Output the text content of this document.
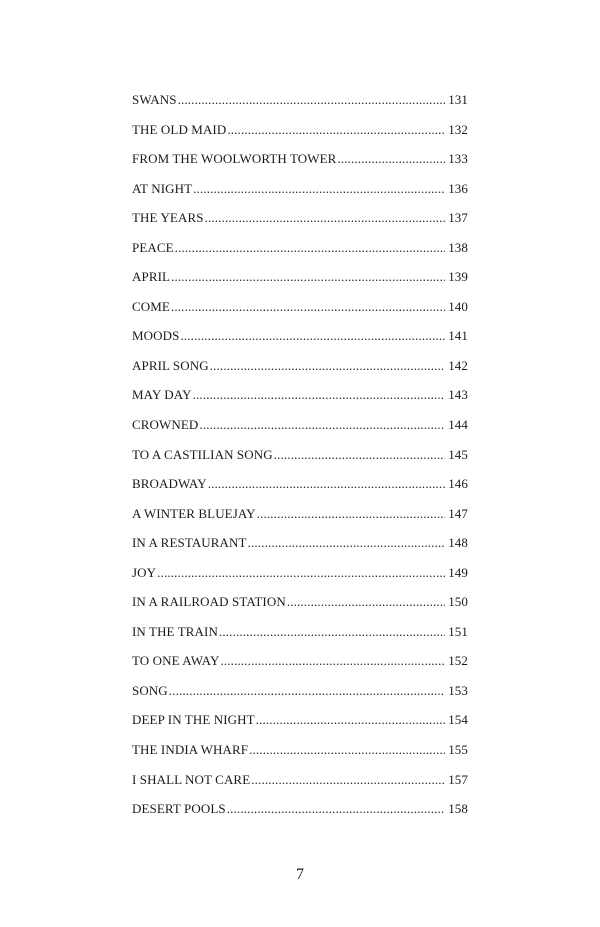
SWANS . . .	131
THE OLD MAID . . .	132
FROM THE WOOLWORTH TOWER . . .	133
AT NIGHT . . .	136
THE YEARS . . .	137
PEACE . . .	138
APRIL . . .	139
COME . . .	140
MOODS . . .	141
APRIL SONG . . .	142
MAY DAY . . .	143
CROWNED . . .	144
TO A CASTILIAN SONG . . .	145
BROADWAY . . .	146
A WINTER BLUEJAY . . .	147
IN A RESTAURANT . . .	148
JOY . . .	149
IN A RAILROAD STATION . . .	150
IN THE TRAIN . . .	151
TO ONE AWAY . . .	152
SONG . . .	153
DEEP IN THE NIGHT . . .	154
THE INDIA WHARF . . .	155
I SHALL NOT CARE . . .	157
DESERT POOLS . . .	158
7
